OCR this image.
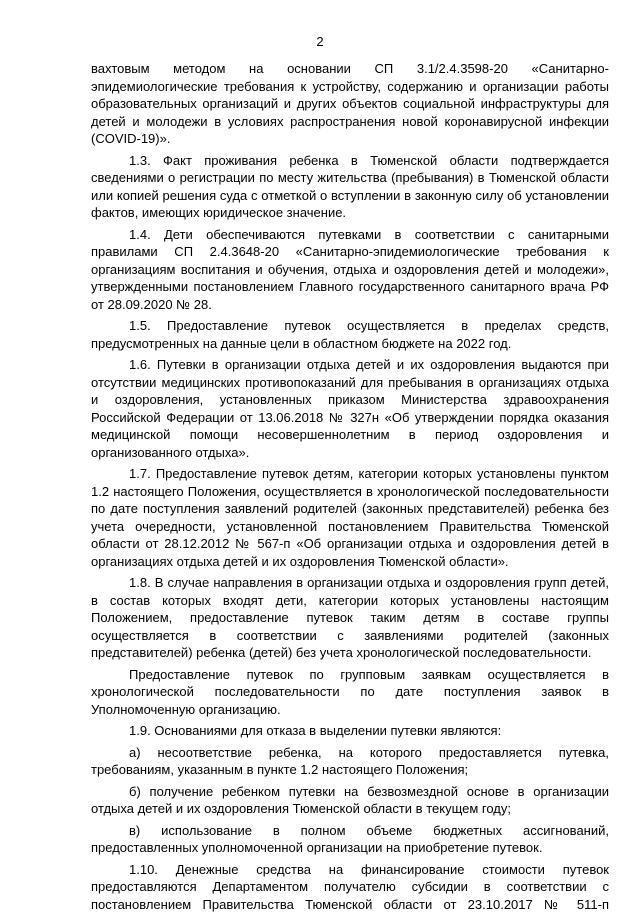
2

вахтовым методом на основании СП 3.1/2.4.3598-20 «Санитарно-эпидемиологические требования к устройству, содержанию и организации работы образовательных организаций и других объектов социальной инфраструктуры для детей и молодежи в условиях распространения новой коронавирусной инфекции (COVID-19)».

1.3. Факт проживания ребенка в Тюменской области подтверждается сведениями о регистрации по месту жительства (пребывания) в Тюменской области или копией решения суда с отметкой о вступлении в законную силу об установлении фактов, имеющих юридическое значение.

1.4. Дети обеспечиваются путевками в соответствии с санитарными правилами СП 2.4.3648-20 «Санитарно-эпидемиологические требования к организациям воспитания и обучения, отдыха и оздоровления детей и молодежи», утвержденными постановлением Главного государственного санитарного врача РФ от 28.09.2020 № 28.

1.5. Предоставление путевок осуществляется в пределах средств, предусмотренных на данные цели в областном бюджете на 2022 год.

1.6. Путевки в организации отдыха детей и их оздоровления выдаются при отсутствии медицинских противопоказаний для пребывания в организациях отдыха и оздоровления, установленных приказом Министерства здравоохранения Российской Федерации от 13.06.2018 № 327н «Об утверждении порядка оказания медицинской помощи несовершеннолетним в период оздоровления и организованного отдыха».

1.7. Предоставление путевок детям, категории которых установлены пунктом 1.2 настоящего Положения, осуществляется в хронологической последовательности по дате поступления заявлений родителей (законных представителей) ребенка без учета очередности, установленной постановлением Правительства Тюменской области от 28.12.2012 № 567-п «Об организации отдыха и оздоровления детей в организациях отдыха детей и их оздоровления Тюменской области».

1.8. В случае направления в организации отдыха и оздоровления групп детей, в состав которых входят дети, категории которых установлены настоящим Положением, предоставление путевок таким детям в составе группы осуществляется в соответствии с заявлениями родителей (законных представителей) ребенка (детей) без учета хронологической последовательности.

Предоставление путевок по групповым заявкам осуществляется в хронологической последовательности по дате поступления заявок в Уполномоченную организацию.

1.9. Основаниями для отказа в выделении путевки являются:

а) несоответствие ребенка, на которого предоставляется путевка, требованиям, указанным в пункте 1.2 настоящего Положения;

б) получение ребенком путевки на безвозмездной основе в организации отдыха детей и их оздоровления Тюменской области в текущем году;

в) использование в полном объеме бюджетных ассигнований, предоставленных уполномоченной организации на приобретение путевок.

1.10. Денежные средства на финансирование стоимости путевок предоставляются Департаментом получателю субсидии в соответствии с постановлением Правительства Тюменской области от 23.10.2017 № 511-п
